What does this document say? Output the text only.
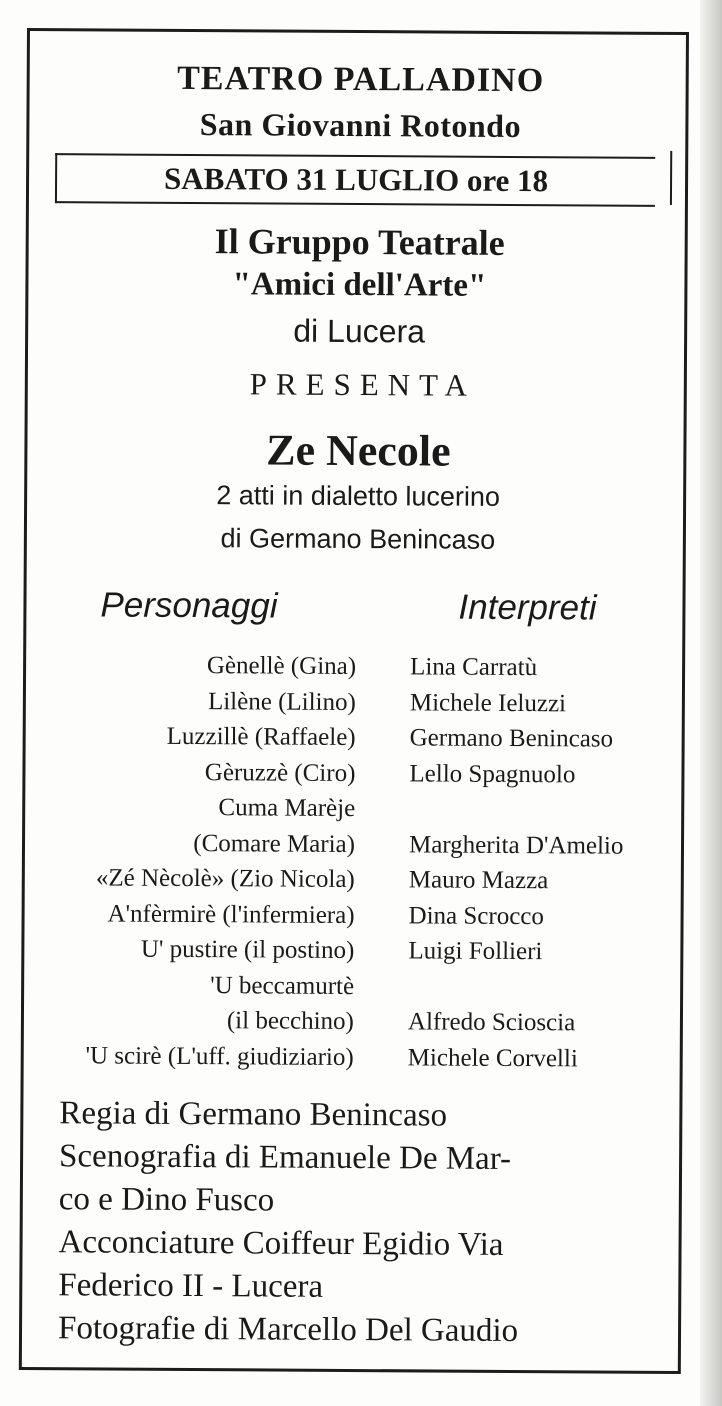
TEATRO PALLADINO
San Giovanni Rotondo
SABATO 31 LUGLIO ore 18
Il Gruppo Teatrale
"Amici dell'Arte"
di Lucera
PRESENTA
Ze Necole
2 atti in dialetto lucerino
di Germano Benincaso
Personaggi	Interpreti
Gènellè (Gina) Lina Carratù
Lilène (Lilino) Michele Ieluzzi
Luzzillè (Raffaele) Germano Benincaso
Gèruzzè (Ciro) Lello Spagnuolo
Cuma Marèje
(Comare Maria) Margherita D'Amelio
«Zé Nècolè» (Zio Nicola) Mauro Mazza
A'nfèrmirè (l'infermiera) Dina Scrocco
U' pustire (il postino) Luigi Follieri
'U beccamurtè
(il becchino) Alfredo Scioscia
'U scirè (L'uff. giudiziario) Michele Corvelli
Regia di Germano Benincaso
Scenografia di Emanuele De Mar-
co e Dino Fusco
Acconciature Coiffeur Egidio Via
Federico II - Lucera
Fotografie di Marcello Del Gaudio
